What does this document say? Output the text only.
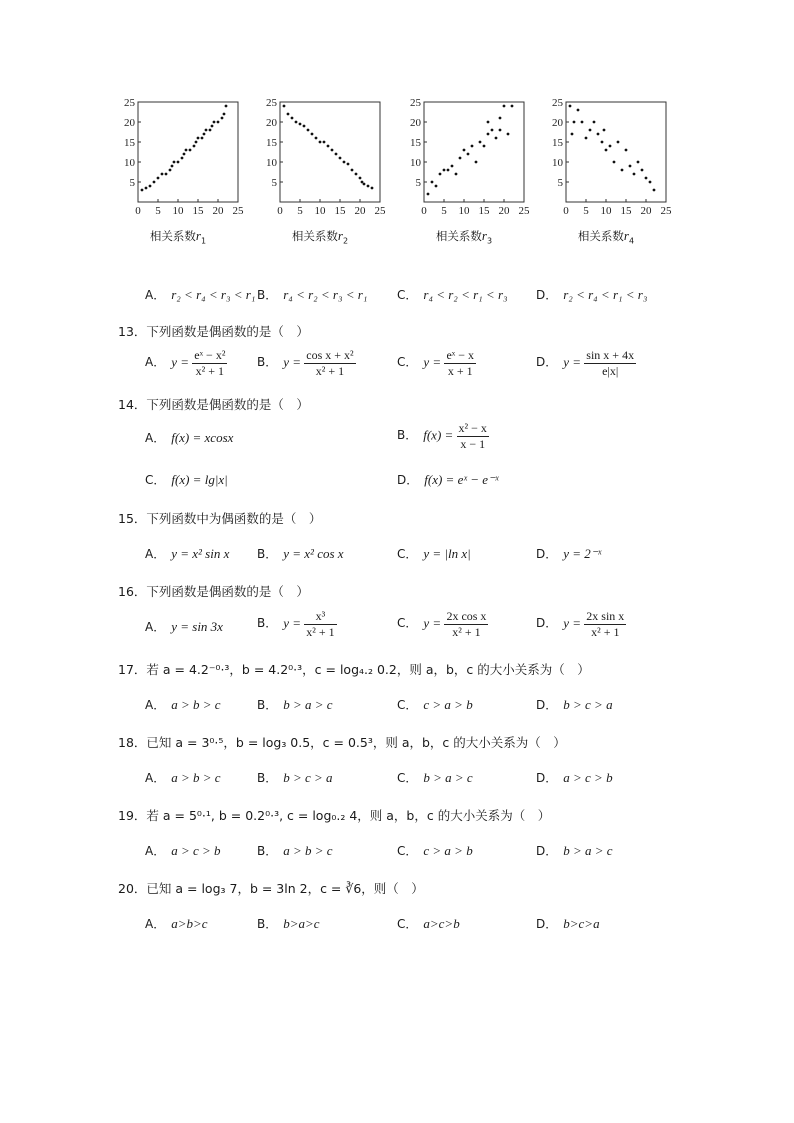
0 5 10 15 20 25
5
10
15
20
25
相关系数$r_1$
0 5 10 15 20 25
5
10
15
20
25
相关系数$r_2$
0 5 10 15 20 25
5
10
15
20
25
相关系数$r_3$
0 5 10 15 20 25
5
10
15
20
25
相关系数$r_4$
A． r₂ < r₄ < r₃ < r₁ B． r₄ < r₂ < r₃ < r₁ C． r₄ < r₂ < r₁ < r₃ D． r₂ < r₄ < r₁ < r₃
13．下列函数是偶函数的是（　）
A． $y = \frac{\text{eˣ − x²}}{\text{x² + 1}}$ B． $y = \frac{\text{cos x + x²}}{\text{x² + 1}}$	C． $y = \frac{\text{eˣ − x}}{x + 1}$	D． $y = \frac{\text{sin x + 4x}}{e|x|}$
14．下列函数是偶函数的是（　）
A． f(x) = xcosx	B． $f(x) = \frac{\text{x² − x}}{x - 1}$
C． f(x) = lg|x|	D． f(x) = eˣ − e⁻ˣ
15．下列函数中为偶函数的是（　）
A． y = x² sin x B． y = x² cos x	C． y = |ln x|	D． y = 2⁻ˣ
16．下列函数是偶函数的是（　）
A． y = sin 3x	B． $y = \frac{\text{x³}}{\text{x² + 1}}$	C． $y = \frac{\text{2x cos x}}{\text{x² + 1}}$	D． $y = \frac{\text{2x sin x}}{\text{x² + 1}}$
17．若 a = 4.2⁻⁰·³，b = 4.2⁰·³，c = log₄.₂ 0.2，则 a，b，c 的大小关系为（　）
A． a > b > c	B． b > a > c	C． c > a > b	D． b > c > a
18．已知 a = 3⁰·⁵，b = log₃ 0.5，c = 0.5³，则 a，b，c 的大小关系为（　）
A． a > b > c	B． b > c > a	C． b > a > c	D． a > c > b
19．若 a = 5⁰·¹, b = 0.2⁰·³, c = log₀.₂ 4，则 a，b，c 的大小关系为（　）
A． a > c > b	B． a > b > c	C． c > a > b	D． b > a > c
20．已知 a = log₃ 7，b = 3ln 2，c = ∛6，则（　）
A． a>b>c	B． b>a>c	C． a>c>b	D． b>c>a
